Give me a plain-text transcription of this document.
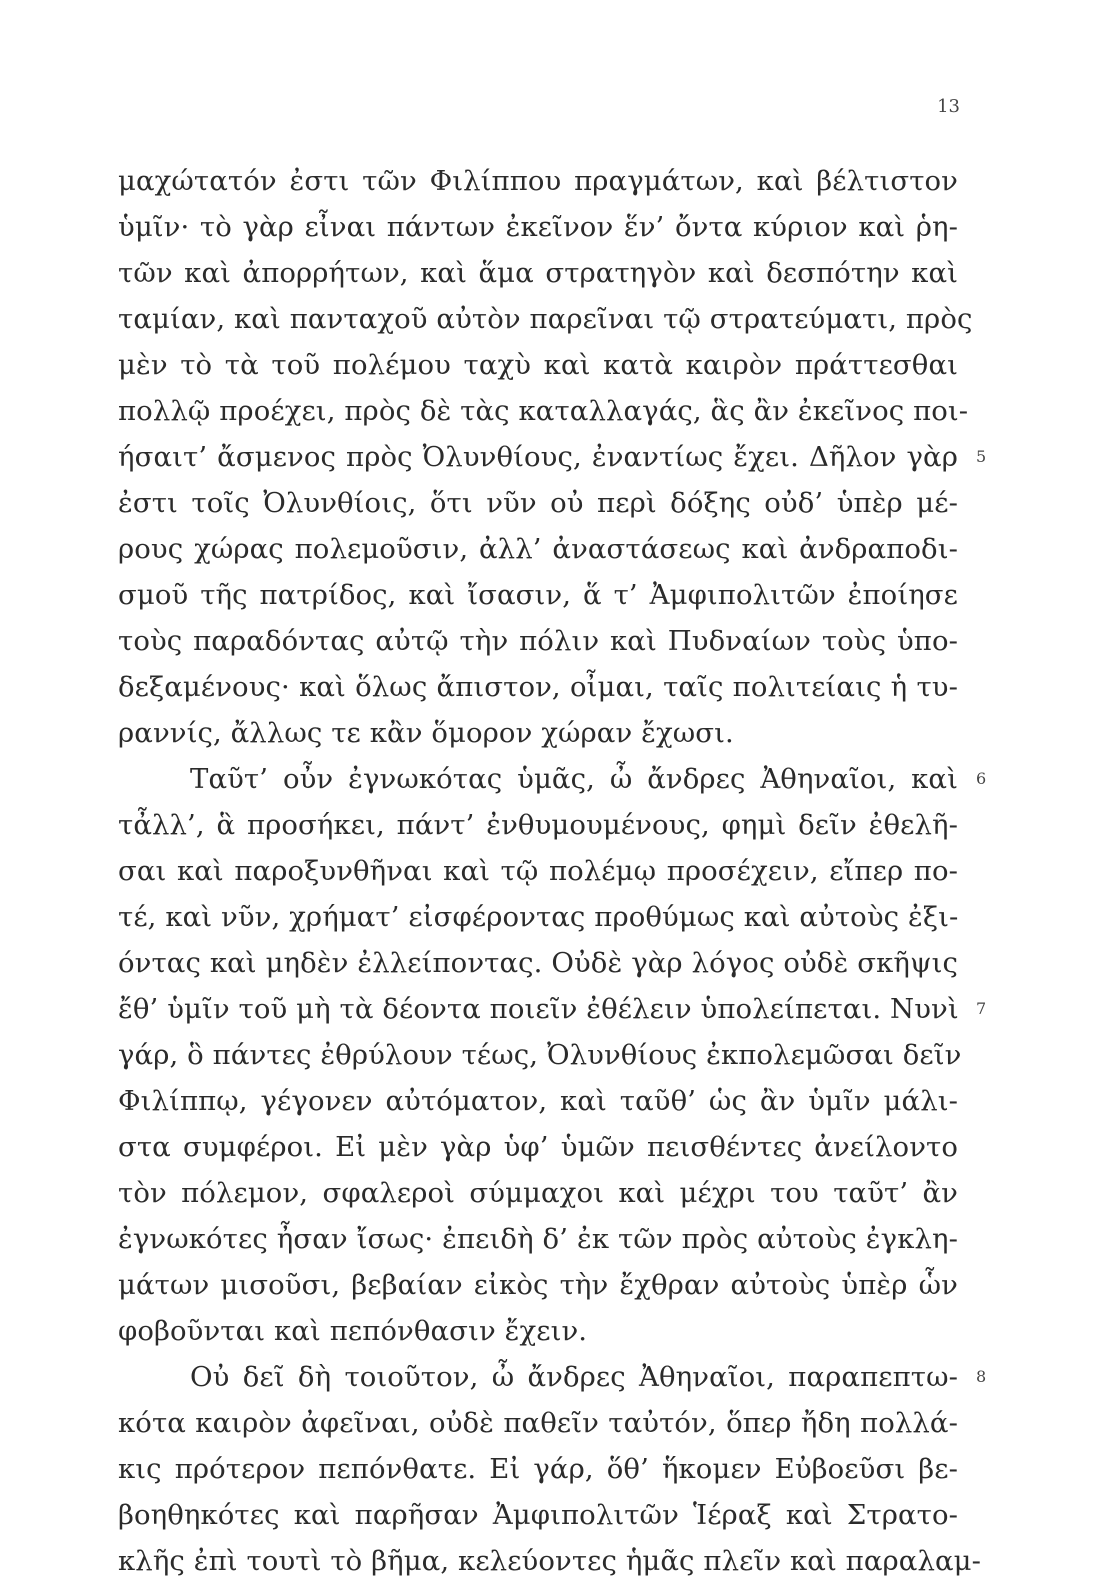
13
μαχώτατόν ἐστι τῶν Φιλίππου πραγμάτων, καὶ βέλτιστον
ὑμῖν· τὸ γὰρ εἶναι πάντων ἐκεῖνον ἕν’ ὄντα κύριον καὶ ῥη-
τῶν καὶ ἀπορρήτων, καὶ ἅμα στρατηγὸν καὶ δεσπότην καὶ
ταμίαν, καὶ πανταχοῦ αὐτὸν παρεῖναι τῷ στρατεύματι, πρὸς
μὲν τὸ τὰ τοῦ πολέμου ταχὺ καὶ κατὰ καιρὸν πράττεσθαι
πολλῷ προέχει, πρὸς δὲ τὰς καταλλαγάς, ἃς ἂν ἐκεῖνος ποι-
ήσαιτ’ ἄσμενος πρὸς Ὀλυνθίους, ἐναντίως ἔχει. Δῆλον γὰρ 5
ἐστι τοῖς Ὀλυνθίοις, ὅτι νῦν οὐ περὶ δόξης οὐδ’ ὑπὲρ μέ-
ρους χώρας πολεμοῦσιν, ἀλλ’ ἀναστάσεως καὶ ἀνδραποδι-
σμοῦ τῆς πατρίδος, καὶ ἴσασιν, ἅ τ’ Ἀμφιπολιτῶν ἐποίησε
τοὺς παραδόντας αὐτῷ τὴν πόλιν καὶ Πυδναίων τοὺς ὑπο-
δεξαμένους· καὶ ὅλως ἄπιστον, οἶμαι, ταῖς πολιτείαις ἡ τυ-
ραννίς, ἄλλως τε κἂν ὅμορον χώραν ἔχωσι.
Ταῦτ’ οὖν ἐγνωκότας ὑμᾶς, ὦ ἄνδρες Ἀθηναῖοι, καὶ 6
τἆλλ’, ἃ προσήκει, πάντ’ ἐνθυμουμένους, φημὶ δεῖν ἐθελῆ-
σαι καὶ παροξυνθῆναι καὶ τῷ πολέμῳ προσέχειν, εἴπερ πο-
τέ, καὶ νῦν, χρήματ’ εἰσφέροντας προθύμως καὶ αὐτοὺς ἐξι-
όντας καὶ μηδὲν ἐλλείποντας. Οὐδὲ γὰρ λόγος οὐδὲ σκῆψις
ἔθ’ ὑμῖν τοῦ μὴ τὰ δέοντα ποιεῖν ἐθέλειν ὑπολείπεται. Νυνὶ 7
γάρ, ὃ πάντες ἐθρύλουν τέως, Ὀλυνθίους ἐκπολεμῶσαι δεῖν
Φιλίππῳ, γέγονεν αὐτόματον, καὶ ταῦθ’ ὡς ἂν ὑμῖν μάλι-
στα συμφέροι. Εἰ μὲν γὰρ ὑφ’ ὑμῶν πεισθέντες ἀνείλοντο
τὸν πόλεμον, σφαλεροὶ σύμμαχοι καὶ μέχρι του ταῦτ’ ἂν
ἐγνωκότες ἦσαν ἴσως· ἐπειδὴ δ’ ἐκ τῶν πρὸς αὐτοὺς ἐγκλη-
μάτων μισοῦσι, βεβαίαν εἰκὸς τὴν ἔχθραν αὐτοὺς ὑπὲρ ὧν
φοβοῦνται καὶ πεπόνθασιν ἔχειν.
Οὐ δεῖ δὴ τοιοῦτον, ὦ ἄνδρες Ἀθηναῖοι, παραπεπτω- 8
κότα καιρὸν ἀφεῖναι, οὐδὲ παθεῖν ταὐτόν, ὅπερ ἤδη πολλά-
κις πρότερον πεπόνθατε. Εἰ γάρ, ὅθ’ ἥκομεν Εὐβοεῦσι βε-
βοηθηκότες καὶ παρῆσαν Ἀμφιπολιτῶν Ἱέραξ καὶ Στρατο-
κλῆς ἐπὶ τουτὶ τὸ βῆμα, κελεύοντες ἡμᾶς πλεῖν καὶ παραλαμ-
